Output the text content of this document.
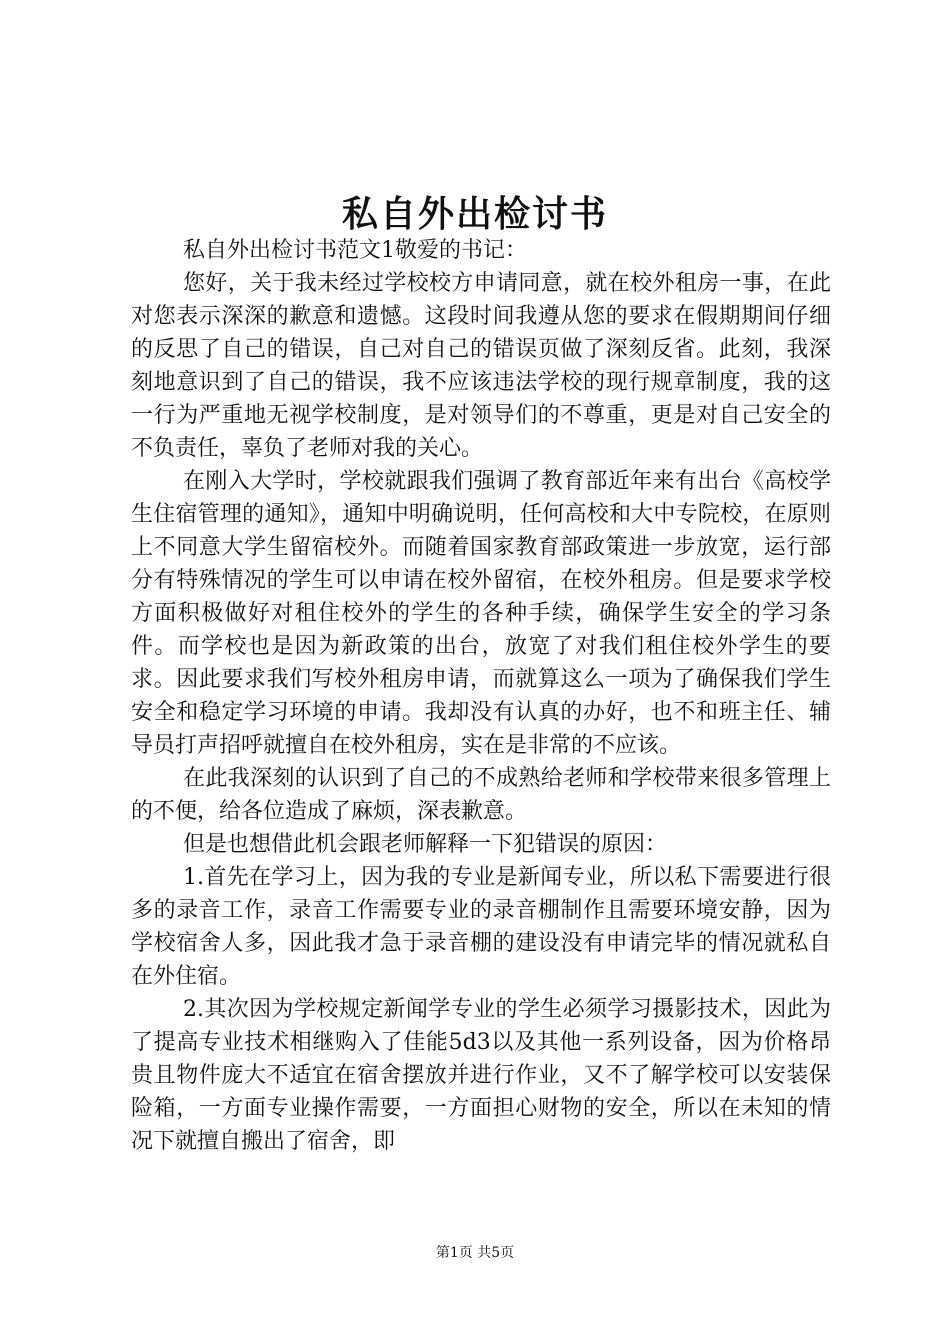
私自外出检讨书

私自外出检讨书范文1敬爱的书记：

您好，关于我未经过学校校方申请同意，就在校外租房一事，在此对您表示深深的歉意和遗憾。这段时间我遵从您的要求在假期期间仔细的反思了自己的错误，自己对自己的错误页做了深刻反省。此刻，我深刻地意识到了自己的错误，我不应该违法学校的现行规章制度，我的这一行为严重地无视学校制度，是对领导们的不尊重，更是对自己安全的不负责任，辜负了老师对我的关心。

在刚入大学时，学校就跟我们强调了教育部近年来有出台《高校学生住宿管理的通知》，通知中明确说明，任何高校和大中专院校，在原则上不同意大学生留宿校外。而随着国家教育部政策进一步放宽，运行部分有特殊情况的学生可以申请在校外留宿，在校外租房。但是要求学校方面积极做好对租住校外的学生的各种手续，确保学生安全的学习条件。而学校也是因为新政策的出台，放宽了对我们租住校外学生的要求。因此要求我们写校外租房申请，而就算这么一项为了确保我们学生安全和稳定学习环境的申请。我却没有认真的办好，也不和班主任、辅导员打声招呼就擅自在校外租房，实在是非常的不应该。

在此我深刻的认识到了自己的不成熟给老师和学校带来很多管理上的不便，给各位造成了麻烦，深表歉意。

但是也想借此机会跟老师解释一下犯错误的原因：

1.首先在学习上，因为我的专业是新闻专业，所以私下需要进行很多的录音工作，录音工作需要专业的录音棚制作且需要环境安静，因为学校宿舍人多，因此我才急于录音棚的建设没有申请完毕的情况就私自在外住宿。

2.其次因为学校规定新闻学专业的学生必须学习摄影技术，因此为了提高专业技术相继购入了佳能5d3以及其他一系列设备，因为价格昂贵且物件庞大不适宜在宿舍摆放并进行作业，又不了解学校可以安装保险箱，一方面专业操作需要，一方面担心财物的安全，所以在未知的情况下就擅自搬出了宿舍，即

第1页 共5页
